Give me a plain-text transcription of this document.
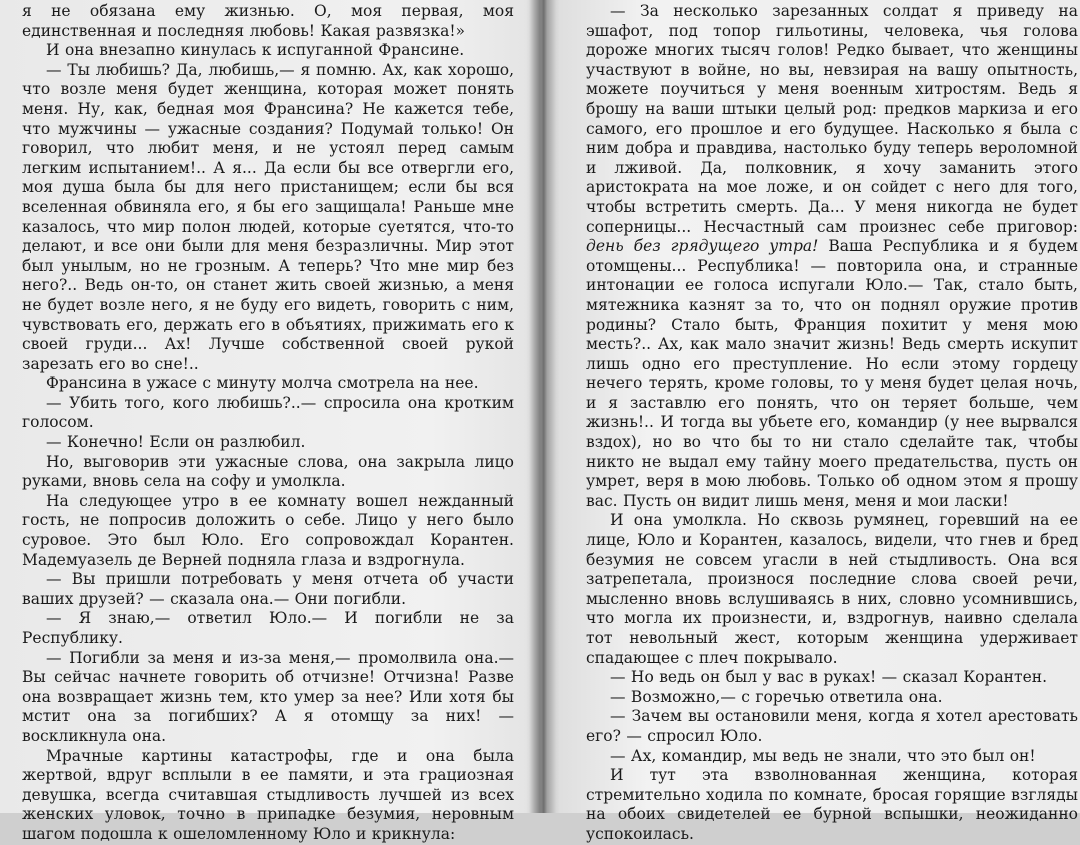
я не обязана ему жизнью. О, моя первая, моя единственная и последняя любовь! Какая развязка!»

И она внезапно кинулась к испуганной Франсине.

— Ты любишь? Да, любишь,— я помню. Ах, как хорошо, что возле меня будет женщина, которая может понять меня. Ну, как, бедная моя Франсина? Не кажется тебе, что мужчины — ужасные создания? Подумай только! Он говорил, что любит меня, и не устоял перед самым легким испытанием!.. А я... Да если бы все отвергли его, моя душа была бы для него пристанищем; если бы вся вселенная обвиняла его, я бы его защищала! Раньше мне казалось, что мир полон людей, которые суетятся, что-то делают, и все они были для меня безразличны. Мир этот был унылым, но не грозным. А теперь? Что мне мир без него?.. Ведь он-то, он станет жить своей жизнью, а меня не будет возле него, я не буду его видеть, говорить с ним, чувствовать его, держать его в объятиях, прижимать его к своей груди... Ах! Лучше собственной своей рукой зарезать его во сне!..

Франсина в ужасе с минуту молча смотрела на нее.

— Убить того, кого любишь?..— спросила она кротким голосом.

— Конечно! Если он разлюбил.

Но, выговорив эти ужасные слова, она закрыла лицо руками, вновь села на софу и умолкла.

На следующее утро в ее комнату вошел нежданный гость, не попросив доложить о себе. Лицо у него было суровое. Это был Юло. Его сопровождал Корантен. Мадемуазель де Верней подняла глаза и вздрогнула.

— Вы пришли потребовать у меня отчета об участи ваших друзей? — сказала она.— Они погибли.

— Я знаю,— ответил Юло.— И погибли не за Республику.

— Погибли за меня и из-за меня,— промолвила она.— Вы сейчас начнете говорить об отчизне! Отчизна! Разве она возвращает жизнь тем, кто умер за нее? Или хотя бы мстит она за погибших? А я отомщу за них! — воскликнула она.

Мрачные картины катастрофы, где и она была жертвой, вдруг всплыли в ее памяти, и эта грациозная девушка, всегда считавшая стыдливость лучшей из всех женских уловок, точно в припадке безумия, неровным шагом подошла к ошеломленному Юло и крикнула:

— За несколько зарезанных солдат я приведу на эшафот, под топор гильотины, человека, чья голова дороже многих тысяч голов! Редко бывает, что женщины участвуют в войне, но вы, невзирая на вашу опытность, можете поучиться у меня военным хитростям. Ведь я брошу на ваши штыки целый род: предков маркиза и его самого, его прошлое и его будущее. Насколько я была с ним добра и правдива, настолько буду теперь вероломной и лживой. Да, полковник, я хочу заманить этого аристократа на мое ложе, и он сойдет с него для того, чтобы встретить смерть. Да... У меня никогда не будет соперницы... Несчастный сам произнес себе приговор: день без грядущего утра! Ваша Республика и я будем отомщены... Республика! — повторила она, и странные интонации ее голоса испугали Юло.— Так, стало быть, мятежника казнят за то, что он поднял оружие против родины? Стало быть, Франция похитит у меня мою месть?.. Ах, как мало значит жизнь! Ведь смерть искупит лишь одно его преступление. Но если этому гордецу нечего терять, кроме головы, то у меня будет целая ночь, и я заставлю его понять, что он теряет больше, чем жизнь!.. И тогда вы убьете его, командир (у нее вырвался вздох), но во что бы то ни стало сделайте так, чтобы никто не выдал ему тайну моего предательства, пусть он умрет, веря в мою любовь. Только об одном этом я прошу вас. Пусть он видит лишь меня, меня и мои ласки!

И она умолкла. Но сквозь румянец, горевший на ее лице, Юло и Корантен, казалось, видели, что гнев и бред безумия не совсем угасли в ней стыдливость. Она вся затрепетала, произнося последние слова своей речи, мысленно вновь вслушиваясь в них, словно усомнившись, что могла их произнести, и, вздрогнув, наивно сделала тот невольный жест, которым женщина удерживает спадающее с плеч покрывало.

— Но ведь он был у вас в руках! — сказал Корантен.

— Возможно,— с горечью ответила она.

— Зачем вы остановили меня, когда я хотел арестовать его? — спросил Юло.

— Ах, командир, мы ведь не знали, что это был он!

И тут эта взволнованная женщина, которая стремительно ходила по комнате, бросая горящие взгляды на обоих свидетелей ее бурной вспышки, неожиданно успокоилась.
